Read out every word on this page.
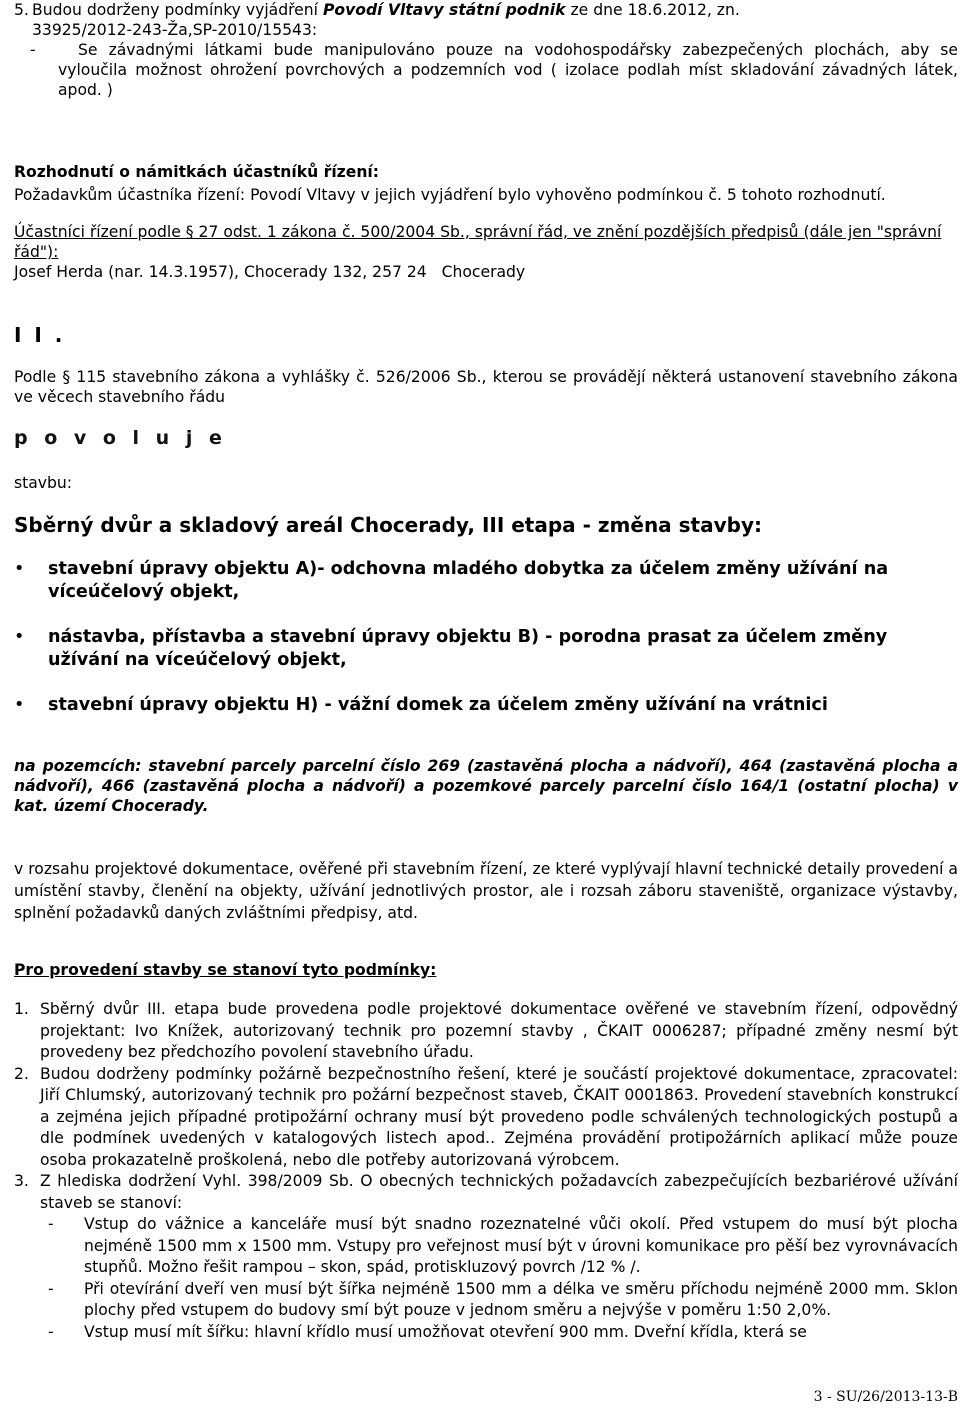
5. Budou dodrženy podmínky vyjádření Povodí Vltavy státní podnik ze dne 18.6.2012, zn.

33925/2012-243-Ža,SP-2010/15543:

-	Se závadnými látkami bude manipulováno pouze na vodohospodářsky zabezpečených plochách, aby se vyloučila možnost ohrožení povrchových a podzemních vod ( izolace podlah míst skladování závadných látek, apod. )

Rozhodnutí o námitkách účastníků řízení:

Požadavkům účastníka řízení: Povodí Vltavy v jejich vyjádření bylo vyhověno podmínkou č. 5 tohoto rozhodnutí.

Účastníci řízení podle § 27 odst. 1 zákona č. 500/2004 Sb., správní řád, ve znění pozdějších předpisů (dále jen "správní řád"):

Josef Herda (nar. 14.3.1957), Chocerady 132, 257 24   Chocerady

I I .

Podle § 115 stavebního zákona a vyhlášky č. 526/2006 Sb., kterou se provádějí některá ustanovení stavebního zákona ve věcech stavebního řádu

p o v o l u j e

stavbu:

Sběrný dvůr a skladový areál Chocerady, III etapa - změna stavby:

• stavební úpravy objektu A)- odchovna mladého dobytka za účelem změny užívání na víceúčelový objekt,

• nástavba, přístavba a stavební úpravy objektu B) - porodna prasat za účelem změny užívání na víceúčelový objekt,

• stavební úpravy objektu H) - vážní domek za účelem změny užívání na vrátnici

na pozemcích: stavební parcely parcelní číslo 269 (zastavěná plocha a nádvoří), 464 (zastavěná plocha a nádvoří), 466 (zastavěná plocha a nádvoří) a pozemkové parcely parcelní číslo 164/1 (ostatní plocha) v kat. území Chocerady.

v rozsahu projektové dokumentace, ověřené při stavebním řízení, ze které vyplývají hlavní technické detaily provedení a umístění stavby, členění na objekty, užívání jednotlivých prostor, ale i rozsah záboru staveniště, organizace výstavby, splnění požadavků daných zvláštními předpisy, atd.

Pro provedení stavby se stanoví tyto podmínky:

1. Sběrný dvůr III. etapa bude provedena podle projektové dokumentace ověřené ve stavebním řízení, odpovědný projektant: Ivo Knížek, autorizovaný technik pro pozemní stavby , ČKAIT 0006287; případné změny nesmí být provedeny bez předchozího povolení stavebního úřadu.

2. Budou dodrženy podmínky požárně bezpečnostního řešení, které je součástí projektové dokumentace, zpracovatel: Jiří Chlumský, autorizovaný technik pro požární bezpečnost staveb, ČKAIT 0001863. Provedení stavebních konstrukcí a zejména jejich případné protipožární ochrany musí být provedeno podle schválených technologických postupů a dle podmínek uvedených v katalogových listech apod.. Zejména provádění protipožárních aplikací může pouze osoba prokazatelně proškolená, nebo dle potřeby autorizovaná výrobcem.

3. Z hlediska dodržení Vyhl. 398/2009 Sb. O obecných technických požadavcích zabezpečujících bezbariérové užívání staveb se stanoví:

- Vstup do vážnice a kanceláře musí být snadno rozeznatelné vůči okolí. Před vstupem do musí být plocha nejméně 1500 mm x 1500 mm. Vstupy pro veřejnost musí být v úrovni komunikace pro pěší bez vyrovnávacích stupňů. Možno řešit rampou – skon, spád, protiskluzový povrch /12 % /.

- Při otevírání dveří ven musí být šířka nejméně 1500 mm a délka ve směru příchodu nejméně 2000 mm. Sklon plochy před vstupem do budovy smí být pouze v jednom směru a nejvýše v poměru 1:50 2,0%.

- Vstup musí mít šířku: hlavní křídlo musí umožňovat otevření 900 mm. Dveřní křídla, která se

3 - SU/26/2013-13-B
